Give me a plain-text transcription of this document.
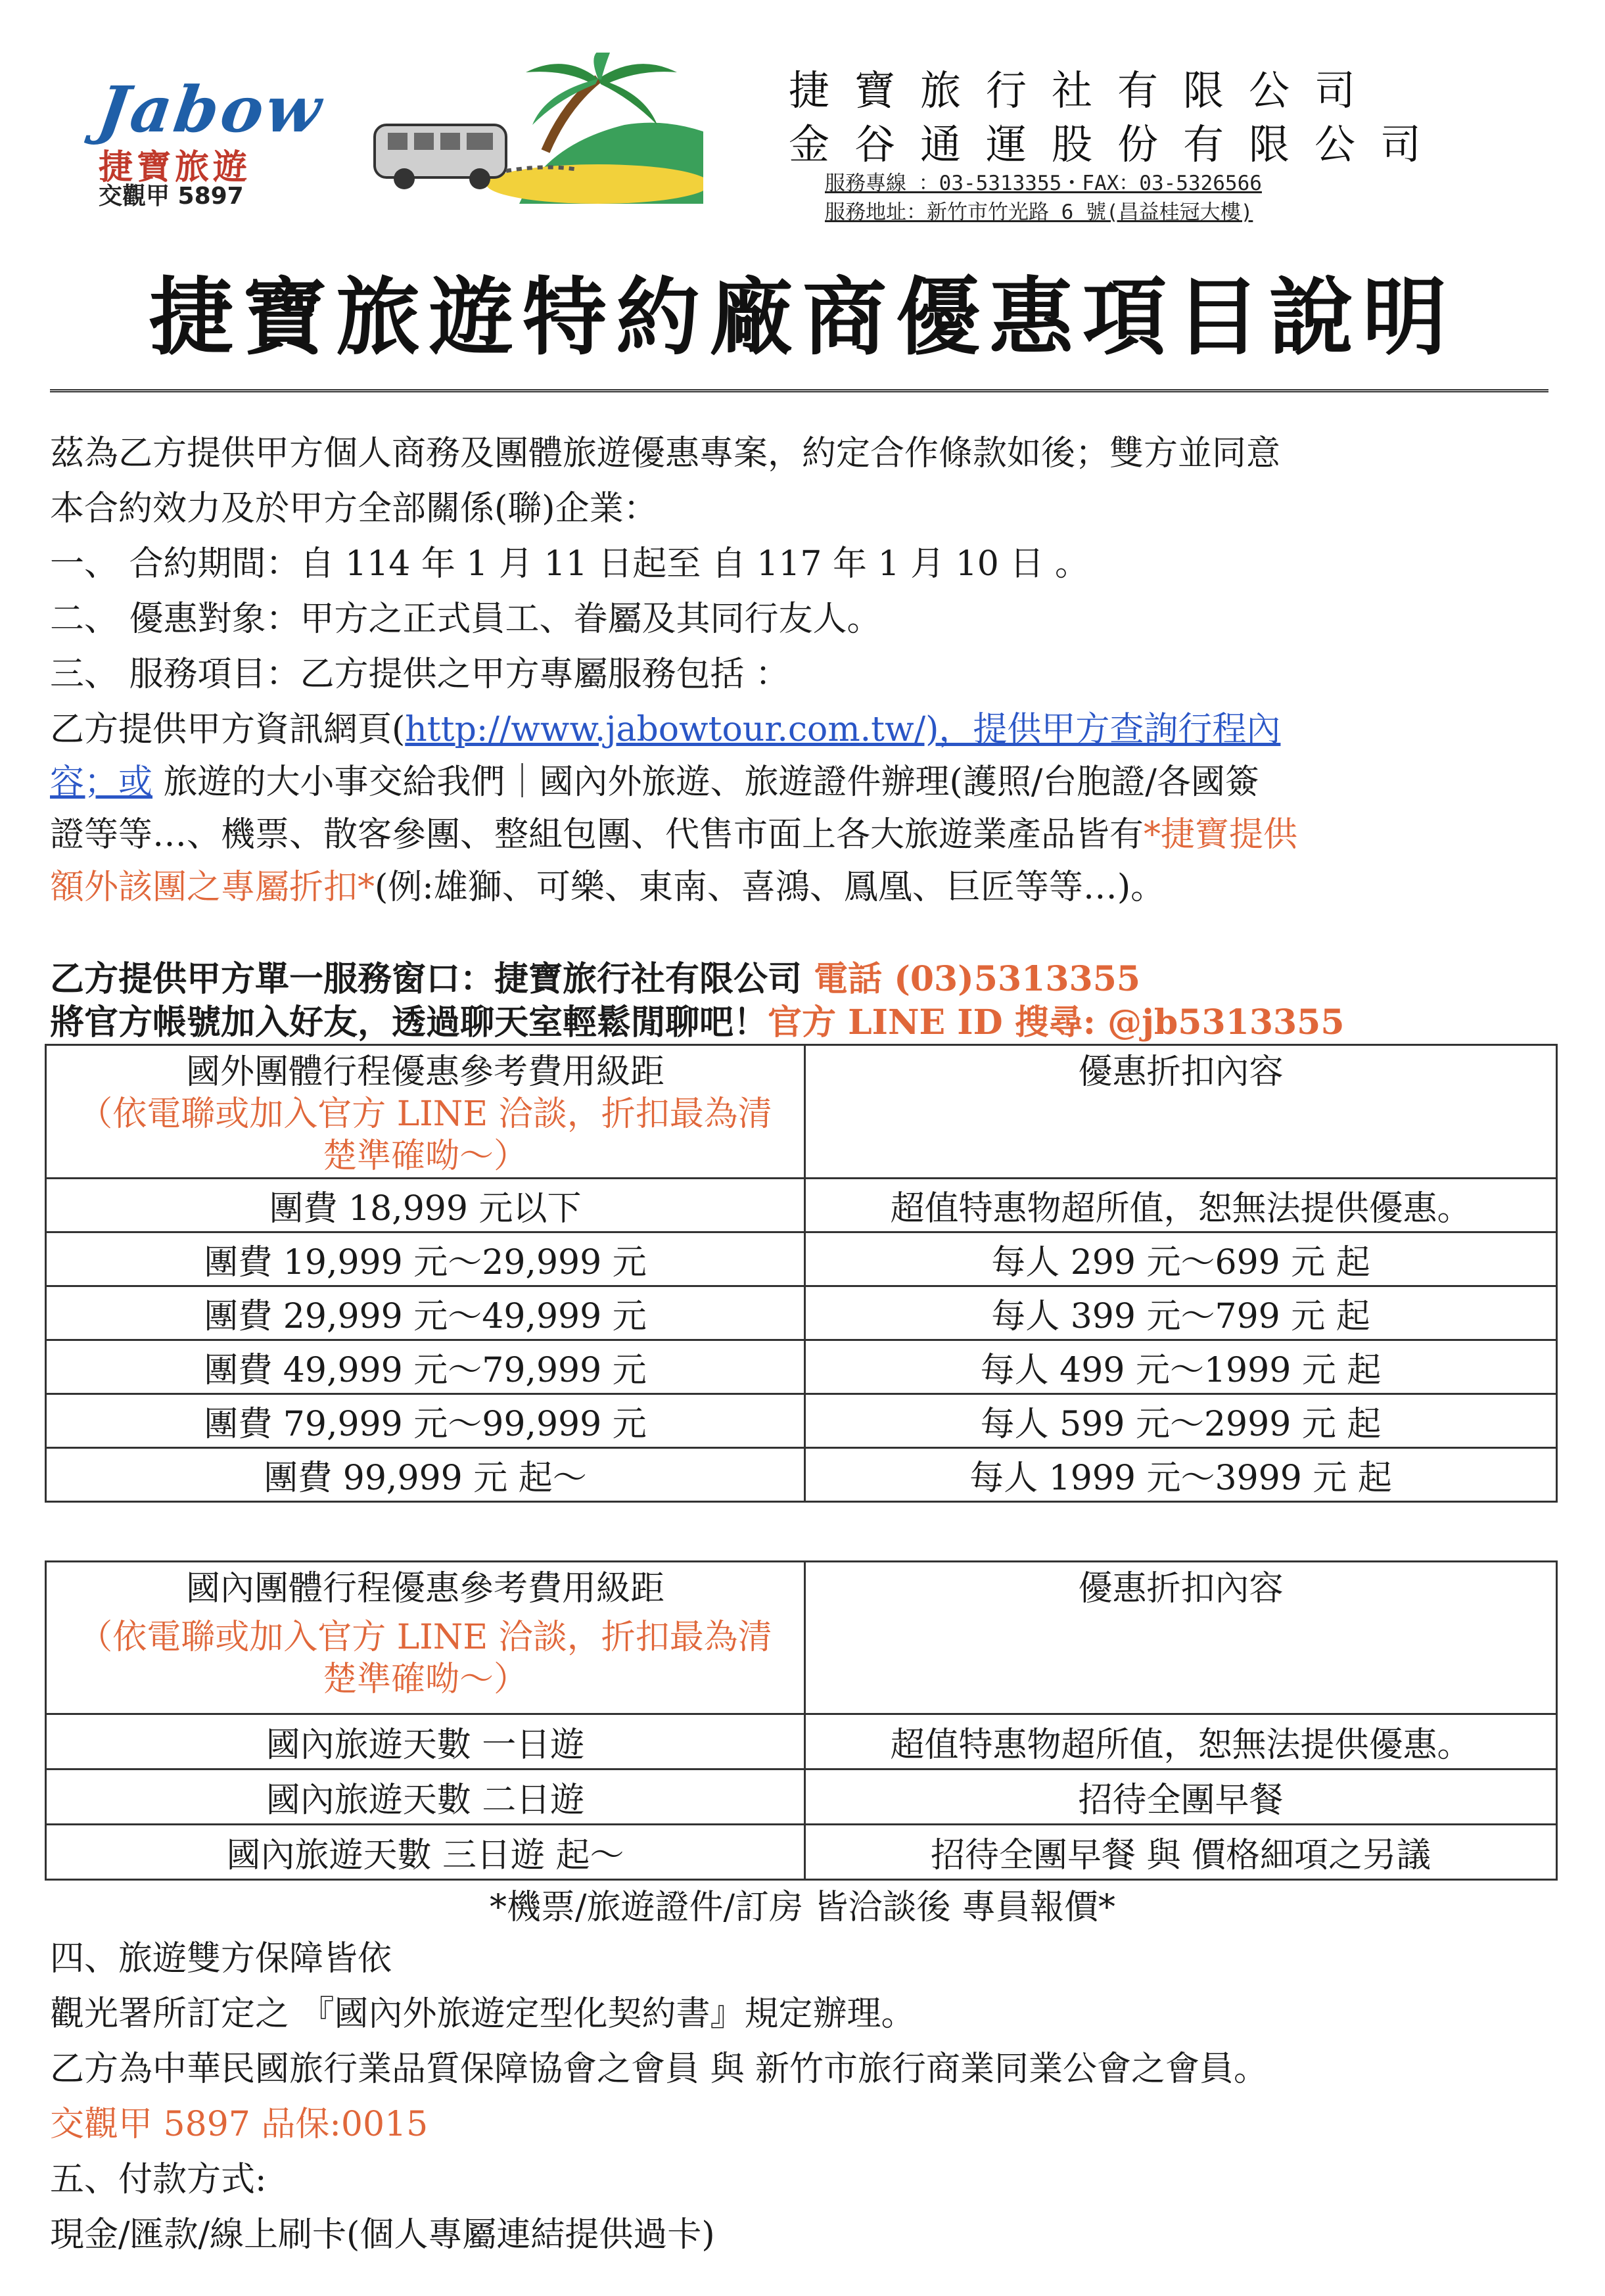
Jabow
捷寶旅遊
交觀甲 5897
捷寶旅行社有限公司
金谷通運股份有限公司
服務專線 ：03-5313355・FAX：03-5326566
服務地址：新竹市竹光路 6 號(昌益桂冠大樓)
捷寶旅遊特約廠商優惠項目說明
茲為乙方提供甲方個人商務及團體旅遊優惠專案，約定合作條款如後；雙方並同意
本合約效力及於甲方全部關係(聯)企業：
一、 合約期間：自 114 年 1 月 11 日起至 自 117 年 1 月 10 日 。
二、 優惠對象：甲方之正式員工、眷屬及其同行友人。
三、 服務項目：乙方提供之甲方專屬服務包括 ：
乙方提供甲方資訊網頁(http://www.jabowtour.com.tw/)，提供甲方查詢行程內
容；或 旅遊的大小事交給我們｜國內外旅遊、旅遊證件辦理(護照/台胞證/各國簽
證等等…、機票、散客參團、整組包團、代售市面上各大旅遊業產品皆有*捷寶提供
額外該團之專屬折扣*(例:雄獅、可樂、東南、喜鴻、鳳凰、巨匠等等…)。
乙方提供甲方單一服務窗口：捷寶旅行社有限公司 電話 (03)5313355
將官方帳號加入好友，透過聊天室輕鬆閒聊吧！官方 LINE ID 搜尋: @jb5313355
國外團體行程優惠參考費用級距
（依電聯或加入官方 LINE 洽談，折扣最為清楚準確呦～）	優惠折扣內容
團費 18,999 元以下	超值特惠物超所值，恕無法提供優惠。
團費 19,999 元～29,999 元	每人 299 元～699 元 起
團費 29,999 元～49,999 元	每人 399 元～799 元 起
團費 49,999 元～79,999 元	每人 499 元～1999 元 起
團費 79,999 元～99,999 元	每人 599 元～2999 元 起
團費 99,999 元 起～	每人 1999 元～3999 元 起
國內團體行程優惠參考費用級距
（依電聯或加入官方 LINE 洽談，折扣最為清楚準確呦～）	優惠折扣內容
國內旅遊天數 一日遊	超值特惠物超所值，恕無法提供優惠。
國內旅遊天數 二日遊	招待全團早餐
國內旅遊天數 三日遊 起～	招待全團早餐 與 價格細項之另議
*機票/旅遊證件/訂房 皆洽談後 專員報價*
四、旅遊雙方保障皆依
觀光署所訂定之 『國內外旅遊定型化契約書』規定辦理。
乙方為中華民國旅行業品質保障協會之會員 與 新竹市旅行商業同業公會之會員。
交觀甲 5897 品保:0015
五、付款方式:
現金/匯款/線上刷卡(個人專屬連結提供過卡)
